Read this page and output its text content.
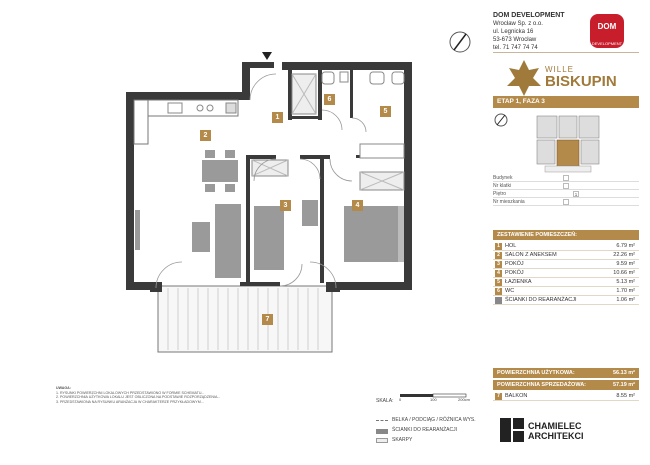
1
2
3	4
5
6
7
UWAGA:
1. RYSUNKI POWIERZCHNI LOKALOWYCH PRZEDSTAWIONO W FORMIE SCHEMATU...
2. POWIERZCHNIA UŻYTKOWA LOKALU JEST OBLICZONA NA PODSTAWIE ROZPORZĄDZENIA...
3. PRZEDSTAWIONA NA RYSUNKU ARANŻACJA W CHARAKTERZE PRZYKŁADOWYM...	SKALA: 0	100	200cm
BELKA / PODCIĄG / RÓŻNICA WYS.
ŚCIANKI DO REARANŻACJI
SKARPY
DOM DEVELOPMENT
Wrocław Sp. z o.o.
ul. Legnicka 16
53-673 Wrocław
tel. 71 747 74 74
DOM
DEVELOPMENT
WILLE
BISKUPIN
ETAP 1, FAZA 3
Budynek
Nr klatki
Piętro	1
Nr mieszkania
ZESTAWIENIE POMIESZCZEŃ:
1 HOL	6.79 m²
2 SALON Z ANEKSEM	22.26 m²
3 POKÓJ	9.59 m²
4 POKÓJ	10.66 m²
5 ŁAZIENKA	5.13 m²
6 WC	1.70 m²
ŚCIANKI DO REARANŻACJI	1.06 m²
POWIERZCHNIA UŻYTKOWA:	56.13 m²
POWIERZCHNIA SPRZEDAŻOWA:	57.19 m²
7 BALKON	8.55 m²
CHAMIELEC
ARCHITEKCI
